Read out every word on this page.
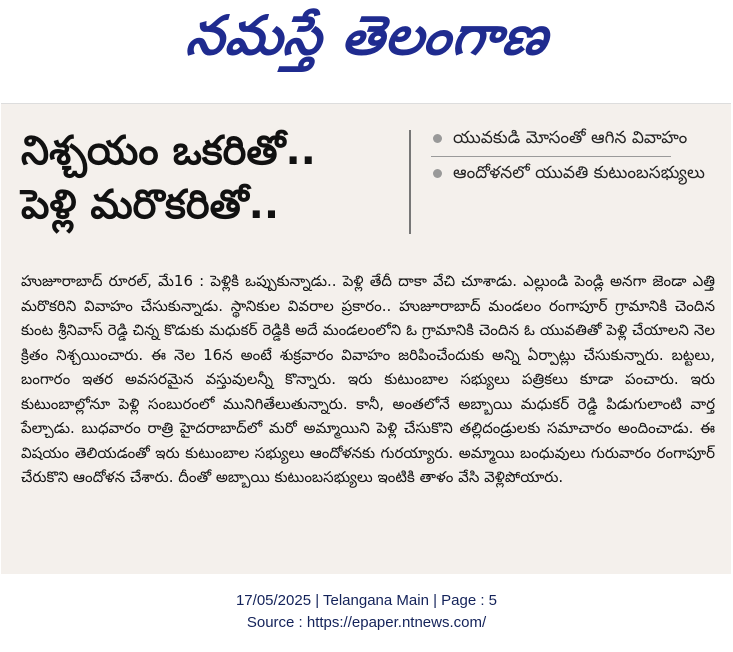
నమస్తే తెలంగాణ
నిశ్చయం ఒకరితో..
పెళ్లి మరొకరితో..
యువకుడి మోసంతో ఆగిన వివాహం
ఆందోళనలో యువతి కుటుంబసభ్యులు

హుజూరాబాద్ రూరల్, మే16 : పెళ్లికి ఒప్పుకున్నాడు.. పెళ్లి తేదీ దాకా వేచి చూశాడు. ఎల్లుండి పెండ్లి అనగా జెండా ఎత్తి మరొకరిని వివాహం చేసుకున్నాడు. స్థానికుల వివరాల ప్రకారం.. హుజూరాబాద్ మండలం రంగాపూర్ గ్రామానికి చెందిన కుంట శ్రీనివాస్ రెడ్డి చిన్న కొడుకు మధుకర్ రెడ్డికి అదే మండలంలోని ఓ గ్రామానికి చెందిన ఓ యువతితో పెళ్లి చేయాలని నెల క్రితం నిశ్చయించారు. ఈ నెల 16న అంటే శుక్రవారం వివాహం జరిపించేందుకు అన్ని ఏర్పాట్లు చేసుకున్నారు. బట్టలు, బంగారం ఇతర అవసరమైన వస్తువులన్నీ కొన్నారు. ఇరు కుటుంబాల సభ్యులు పత్రికలు కూడా పంచారు. ఇరు కుటుంబాల్లోనూ పెళ్లి సంబురంలో మునిగితేలుతున్నారు. కానీ, అంతలోనే అబ్బాయి మధుకర్ రెడ్డి పిడుగులాంటి వార్త పేల్చాడు. బుధవారం రాత్రి హైదరాబాద్‌లో మరో అమ్మాయిని పెళ్లి చేసుకొని తల్లిదండ్రులకు సమాచారం అందించాడు. ఈ విషయం తెలియడంతో ఇరు కుటుంబాల సభ్యులు ఆందోళనకు గురయ్యారు. అమ్మాయి బంధువులు గురువారం రంగాపూర్ చేరుకొని ఆందోళన చేశారు. దీంతో అబ్బాయి కుటుంబసభ్యులు ఇంటికి తాళం వేసి వెళ్లిపోయారు.

17/05/2025 | Telangana Main | Page : 5
Source : https://epaper.ntnews.com/
